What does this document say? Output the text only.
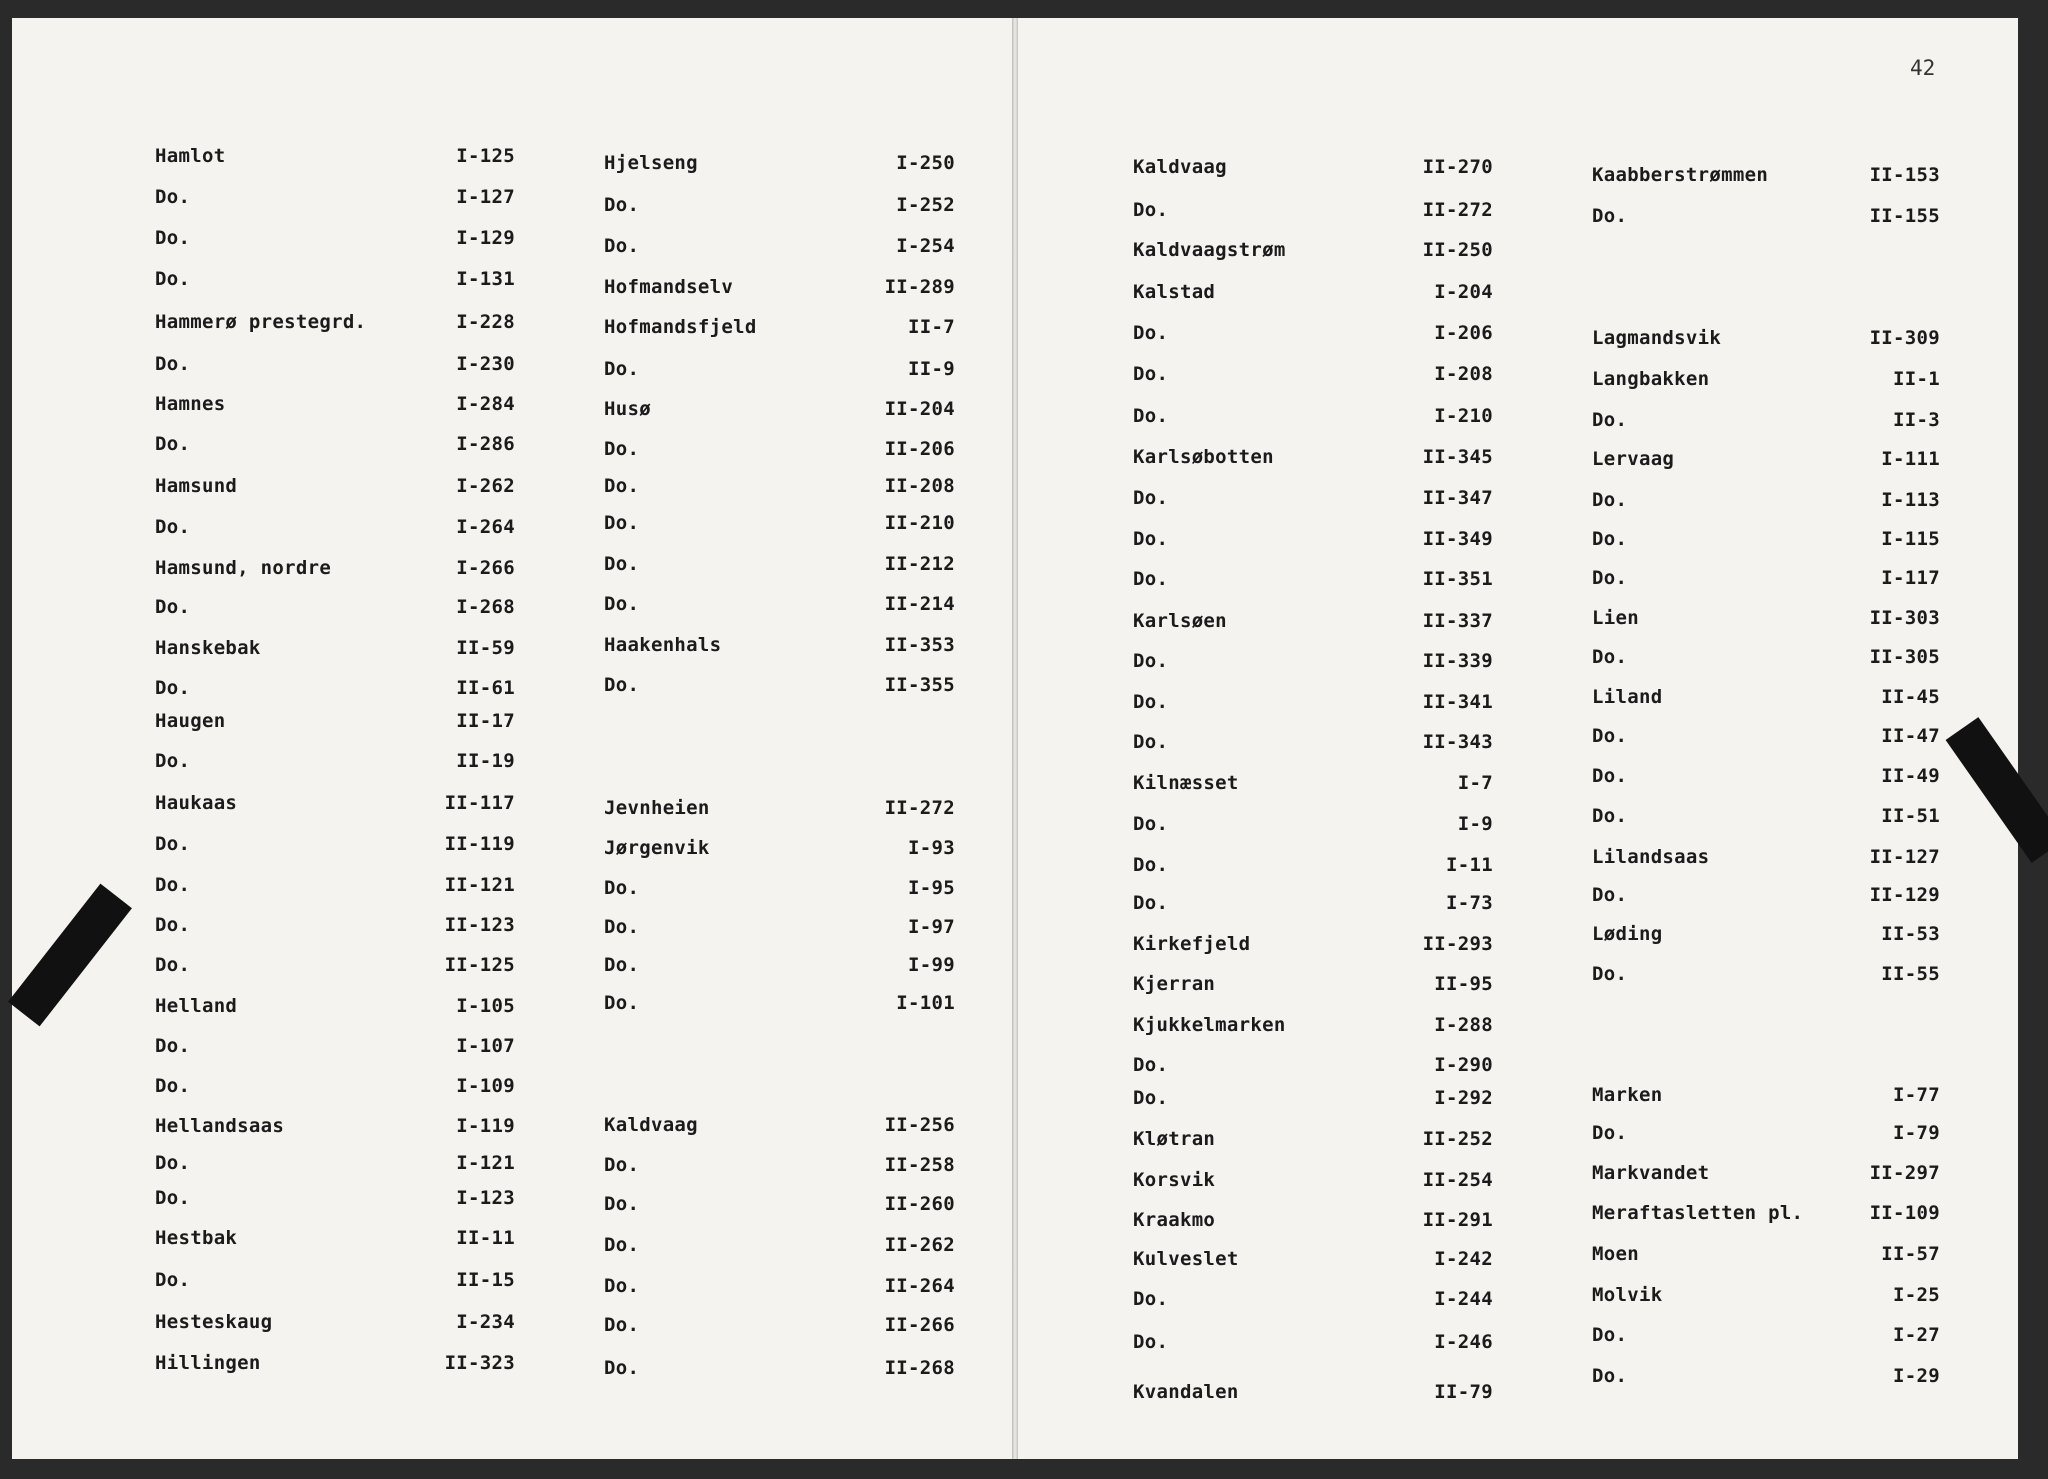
42
Hamlot	I-125
Do.	I-127
Do.	I-129
Do.	I-131
Hammerø prestegrd.	I-228
Do.	I-230
Hamnes	I-284
Do.	I-286
Hamsund	I-262
Do.	I-264
Hamsund, nordre	I-266
Do.	I-268
Hanskebak	II-59
Do.	II-61
Haugen	II-17
Do.	II-19
Haukaas	II-117
Do.	II-119
Do.	II-121
Do.	II-123
Do.	II-125
Helland	I-105
Do.	I-107
Do.	I-109
Hellandsaas	I-119
Do.	I-121
Do.	I-123
Hestbak	II-11
Do.	II-15
Hesteskaug	I-234
Hillingen	II-323
Hjelseng	I-250
Do.	I-252
Do.	I-254
Hofmandselv	II-289
Hofmandsfjeld	II-7
Do.	II-9
Husø	II-204
Do.	II-206
Do.	II-208
Do.	II-210
Do.	II-212
Do.	II-214
Haakenhals	II-353
Do.	II-355
Jevnheien	II-272
Jørgenvik	I-93
Do.	I-95
Do.	I-97
Do.	I-99
Do.	I-101
Kaldvaag	II-256
Do.	II-258
Do.	II-260
Do.	II-262
Do.	II-264
Do.	II-266
Do.	II-268
Kaldvaag	II-270
Do.	II-272
Kaldvaagstrøm	II-250
Kalstad	I-204
Do.	I-206
Do.	I-208
Do.	I-210
Karlsøbotten	II-345
Do.	II-347
Do.	II-349
Do.	II-351
Karlsøen	II-337
Do.	II-339
Do.	II-341
Do.	II-343
Kilnæsset	I-7
Do.	I-9
Do.	I-11
Do.	I-73
Kirkefjeld	II-293
Kjerran	II-95
Kjukkelmarken	I-288
Do.	I-290
Do.	I-292
Kløtran	II-252
Korsvik	II-254
Kraakmo	II-291
Kulveslet	I-242
Do.	I-244
Do.	I-246
Kvandalen	II-79
Kaabberstrømmen	II-153
Do.	II-155
Lagmandsvik	II-309
Langbakken	II-1
Do.	II-3
Lervaag	I-111
Do.	I-113
Do.	I-115
Do.	I-117
Lien	II-303
Do.	II-305
Liland	II-45
Do.	II-47
Do.	II-49
Do.	II-51
Lilandsaas	II-127
Do.	II-129
Løding	II-53
Do.	II-55
Marken	I-77
Do.	I-79
Markvandet	II-297
Meraftasletten pl.	II-109
Moen	II-57
Molvik	I-25
Do.	I-27
Do.	I-29
